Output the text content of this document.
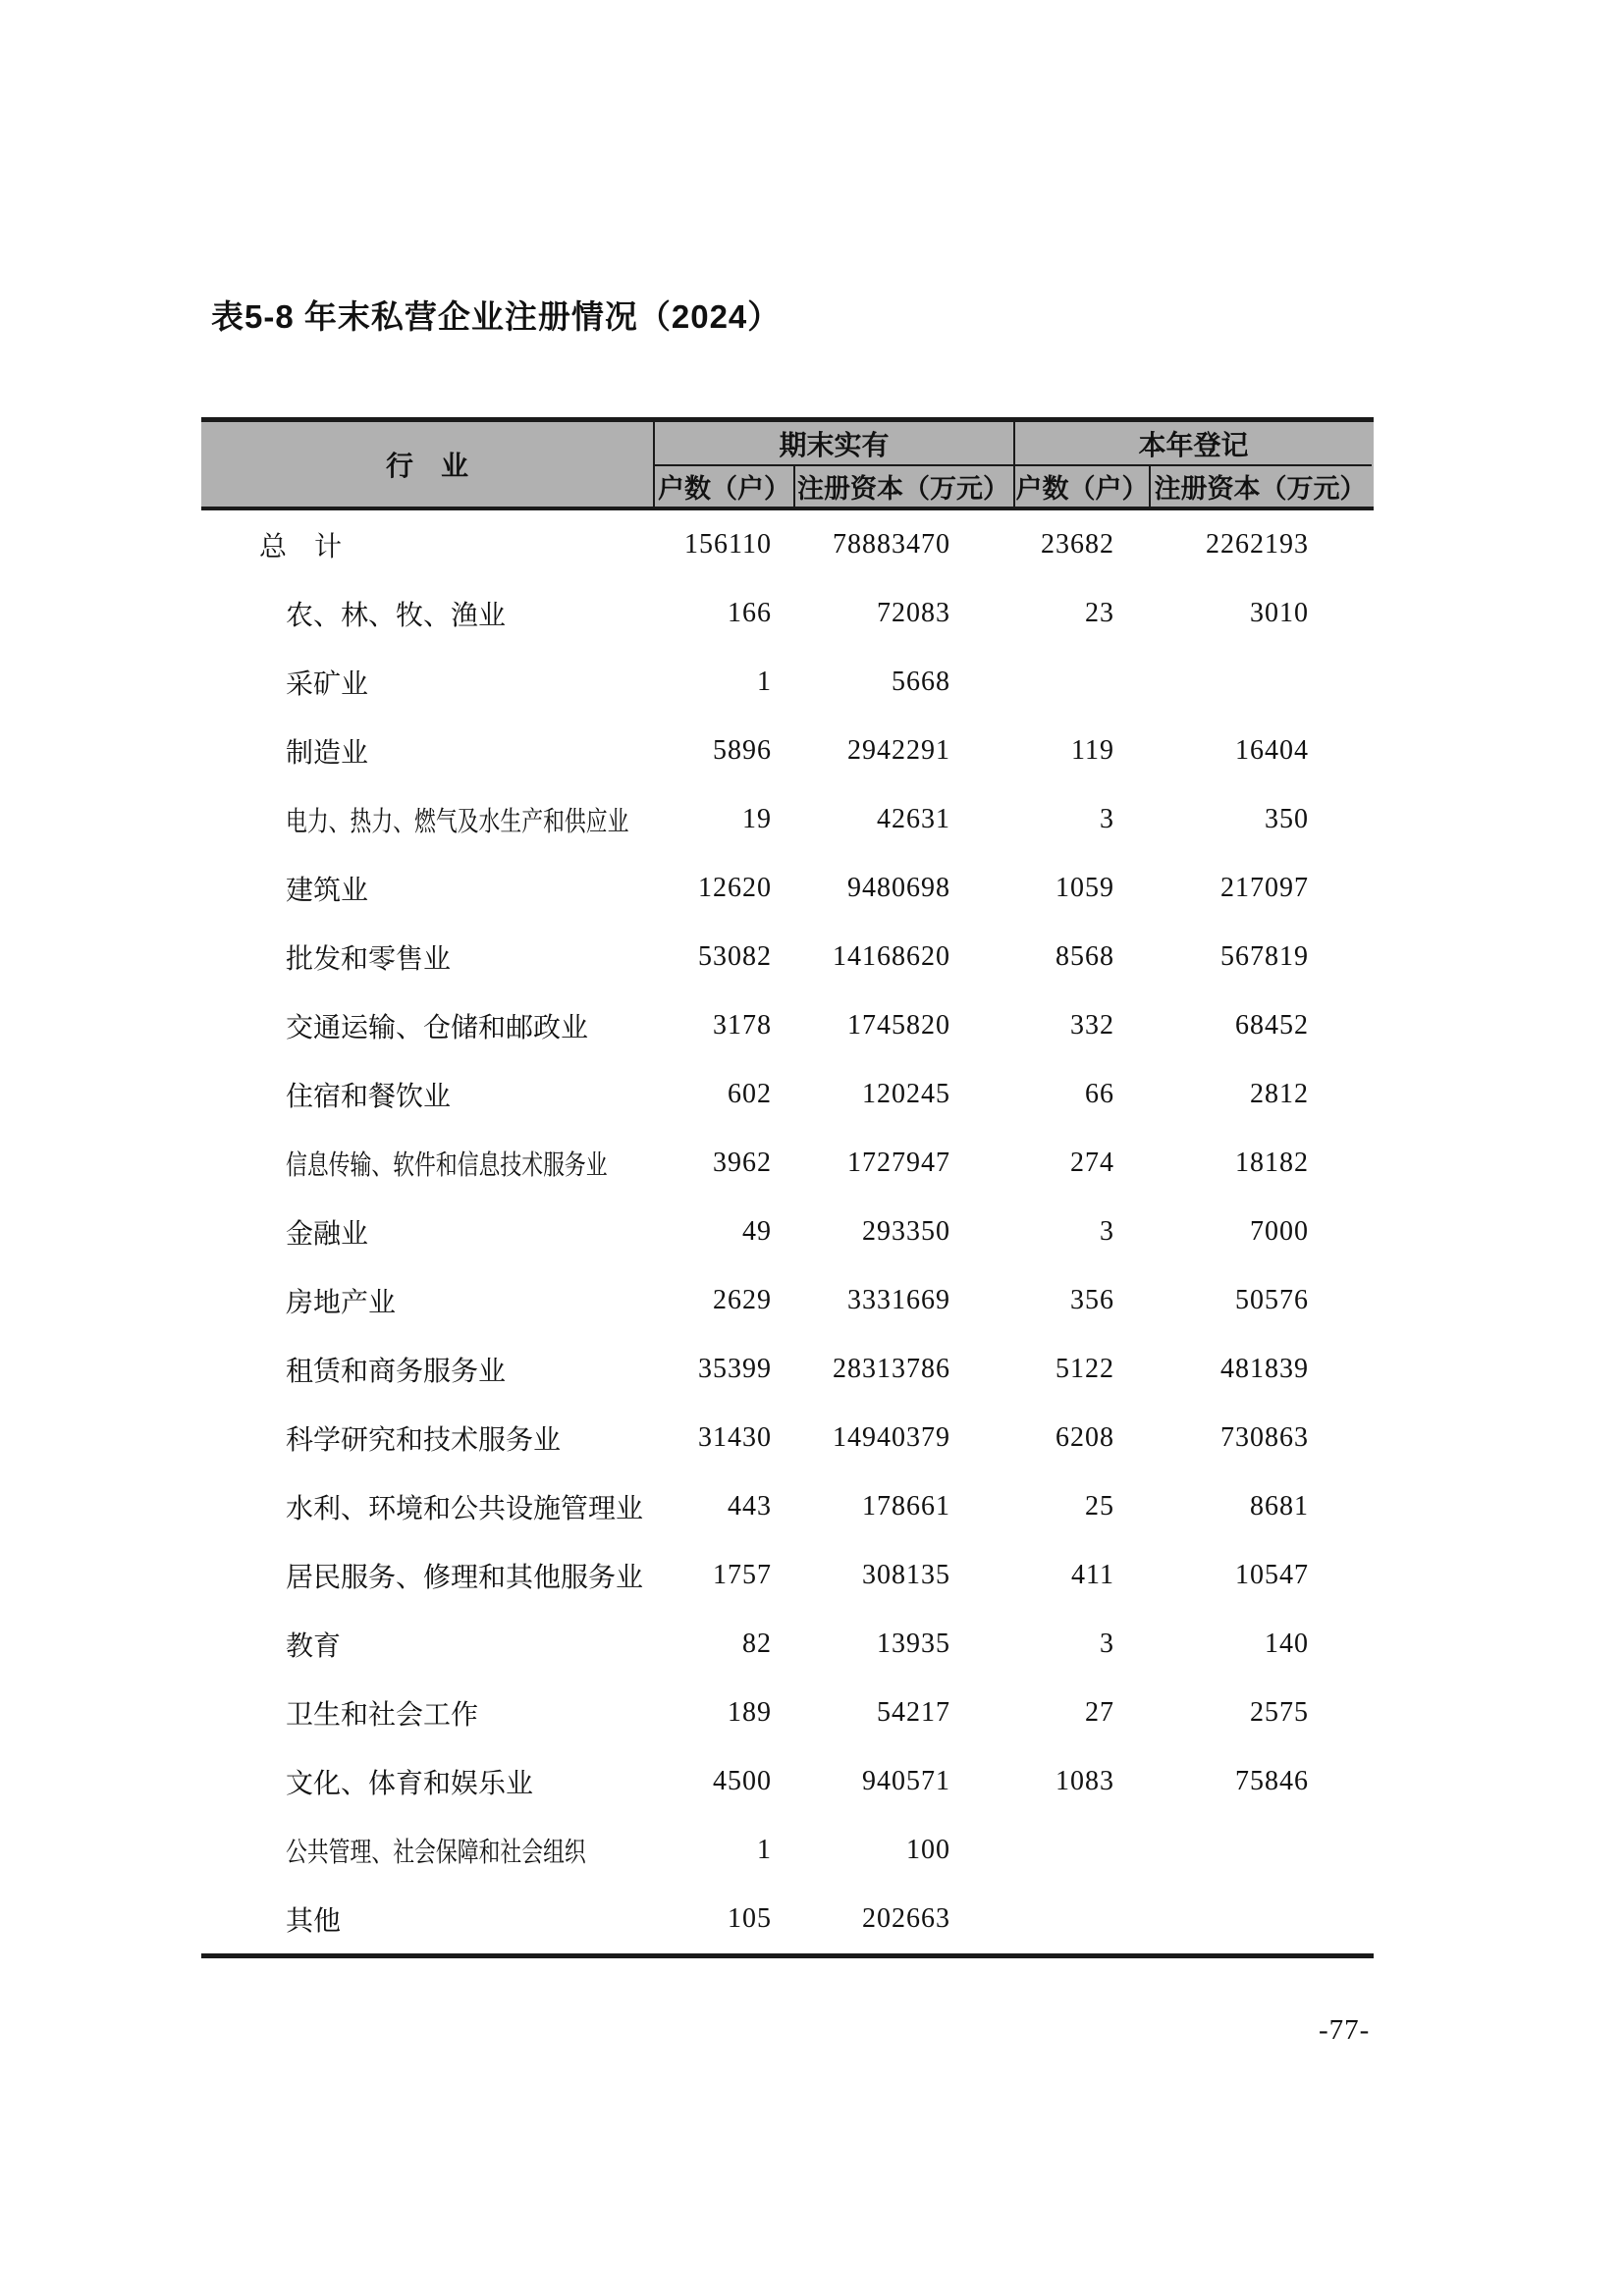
表5-8 年末私营企业注册情况（2024）
行　业
期末实有
户数（户） 注册资本（万元）
本年登记
户数（户） 注册资本（万元）
总　计	156110	78883470	23682	2262193
农、林、牧、渔业	166	72083	23	3010
采矿业	1	5668
制造业	5896	2942291	119	16404
电力、热力、燃气及水生产和供应业	19	42631	3	350
建筑业	12620	9480698	1059	217097
批发和零售业	53082	14168620	8568	567819
交通运输、仓储和邮政业	3178	1745820	332	68452
住宿和餐饮业	602	120245	66	2812
信息传输、软件和信息技术服务业	3962	1727947	274	18182
金融业	49	293350	3	7000
房地产业	2629	3331669	356	50576
租赁和商务服务业	35399	28313786	5122	481839
科学研究和技术服务业	31430	14940379	6208	730863
水利、环境和公共设施管理业	443	178661	25	8681
居民服务、修理和其他服务业	1757	308135	411	10547
教育	82	13935	3	140
卫生和社会工作	189	54217	27	2575
文化、体育和娱乐业	4500	940571	1083	75846
公共管理、社会保障和社会组织	1	100
其他	105	202663
-77-
